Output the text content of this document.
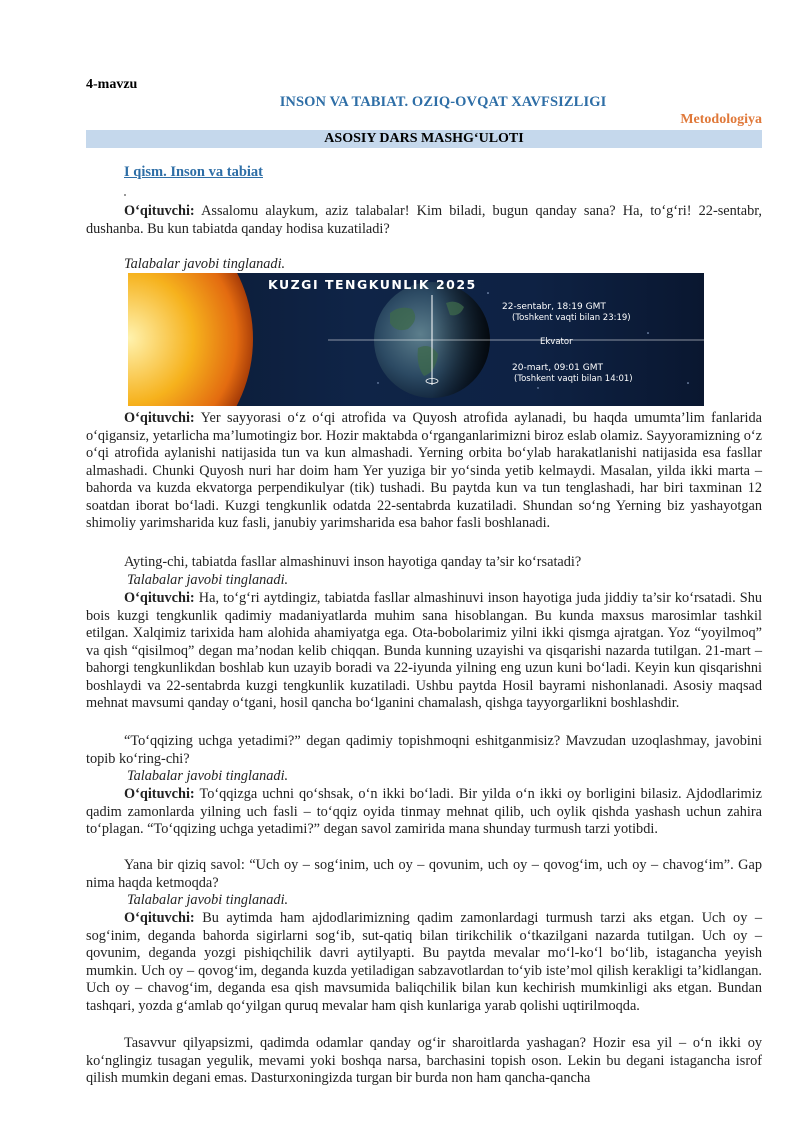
4-mavzu
INSON VA TABIAT. OZIQ-OVQAT XAVFSIZLIGI
Metodologiya
ASOSIY DARS MASHG‘ULOTI
I qism. Inson va tabiat
O‘qituvchi: Assalomu alaykum, aziz talabalar! Kim biladi, bugun qanday sana? Ha, to‘g‘ri! 22-sentabr, dushanba. Bu kun tabiatda qanday hodisa kuzatiladi?
Talabalar javobi tinglanadi.
KUZGI TENGKUNLIK 2025
22-sentabr, 18:19 GMT
(Toshkent vaqti bilan 23:19)
Ekvator
20-mart, 09:01 GMT
(Toshkent vaqti bilan 14:01)
O‘qituvchi: Yer sayyorasi o‘z o‘qi atrofida va Quyosh atrofida aylanadi, bu haqda umumta’lim fanlarida o‘qigansiz, yetarlicha ma’lumotingiz bor. Hozir maktabda o‘rganganlarimizni biroz eslab olamiz. Sayyoramizning o‘z o‘qi atrofida aylanishi natijasida tun va kun almashadi. Yerning orbita bo‘ylab harakatlanishi natijasida esa fasllar almashadi. Chunki Quyosh nuri har doim ham Yer yuziga bir yo‘sinda yetib kelmaydi. Masalan, yilda ikki marta – bahorda va kuzda ekvatorga perpendikulyar (tik) tushadi. Bu paytda kun va tun tenglashadi, har biri taxminan 12 soatdan iborat bo‘ladi. Kuzgi tengkunlik odatda 22-sentabrda kuzatiladi. Shundan so‘ng Yerning biz yashayotgan shimoliy yarimsharida kuz fasli, janubiy yarimsharida esa bahor fasli boshlanadi.
Ayting-chi, tabiatda fasllar almashinuvi inson hayotiga qanday ta’sir ko‘rsatadi?
Talabalar javobi tinglanadi.
O‘qituvchi: Ha, to‘g‘ri aytdingiz, tabiatda fasllar almashinuvi inson hayotiga juda jiddiy ta’sir ko‘rsatadi. Shu bois kuzgi tengkunlik qadimiy madaniyatlarda muhim sana hisoblangan. Bu kunda maxsus marosimlar tashkil etilgan. Xalqimiz tarixida ham alohida ahamiyatga ega. Ota-bobolarimiz yilni ikki qismga ajratgan. Yoz “yoyilmoq” va qish “qisilmoq” degan ma’nodan kelib chiqqan. Bunda kunning uzayishi va qisqarishi nazarda tutilgan. 21-mart – bahorgi tengkunlikdan boshlab kun uzayib boradi va 22-iyunda yilning eng uzun kuni bo‘ladi. Keyin kun qisqarishni boshlaydi va 22-sentabrda kuzgi tengkunlik kuzatiladi. Ushbu paytda Hosil bayrami nishonlanadi. Asosiy maqsad mehnat mavsumi qanday o‘tgani, hosil qancha bo‘lganini chamalash, qishga tayyorgarlikni boshlashdir.
“To‘qqizing uchga yetadimi?” degan qadimiy topishmoqni eshitganmisiz? Mavzudan uzoqlashmay, javobini topib ko‘ring-chi?
Talabalar javobi tinglanadi.
O‘qituvchi: To‘qqizga uchni qo‘shsak, o‘n ikki bo‘ladi. Bir yilda o‘n ikki oy borligini bilasiz. Ajdodlarimiz qadim zamonlarda yilning uch fasli – to‘qqiz oyida tinmay mehnat qilib, uch oylik qishda yashash uchun zahira to‘plagan. “To‘qqizing uchga yetadimi?” degan savol zamirida mana shunday turmush tarzi yotibdi.
Yana bir qiziq savol: “Uch oy – sog‘inim, uch oy – qovunim, uch oy – qovog‘im, uch oy – chavog‘im”. Gap nima haqda ketmoqda?
Talabalar javobi tinglanadi.
O‘qituvchi: Bu aytimda ham ajdodlarimizning qadim zamonlardagi turmush tarzi aks etgan. Uch oy – sog‘inim, deganda bahorda sigirlarni sog‘ib, sut-qatiq bilan tirikchilik o‘tkazilgani nazarda tutilgan. Uch oy – qovunim, deganda yozgi pishiqchilik davri aytilyapti. Bu paytda mevalar mo‘l-ko‘l bo‘lib, istagancha yeyish mumkin. Uch oy – qovog‘im, deganda kuzda yetiladigan sabzavotlardan to‘yib iste’mol qilish kerakligi ta’kidlangan. Uch oy – chavog‘im, deganda esa qish mavsumida baliqchilik bilan kun kechirish mumkinligi aks etgan. Bundan tashqari, yozda g‘amlab qo‘yilgan quruq mevalar ham qish kunlariga yarab qolishi uqtirilmoqda.
Tasavvur qilyapsizmi, qadimda odamlar qanday og‘ir sharoitlarda yashagan? Hozir esa yil – o‘n ikki oy ko‘nglingiz tusagan yegulik, mevami yoki boshqa narsa, barchasini topish oson. Lekin bu degani istagancha isrof qilish mumkin degani emas. Dasturxoningizda turgan bir burda non ham qancha-qancha
